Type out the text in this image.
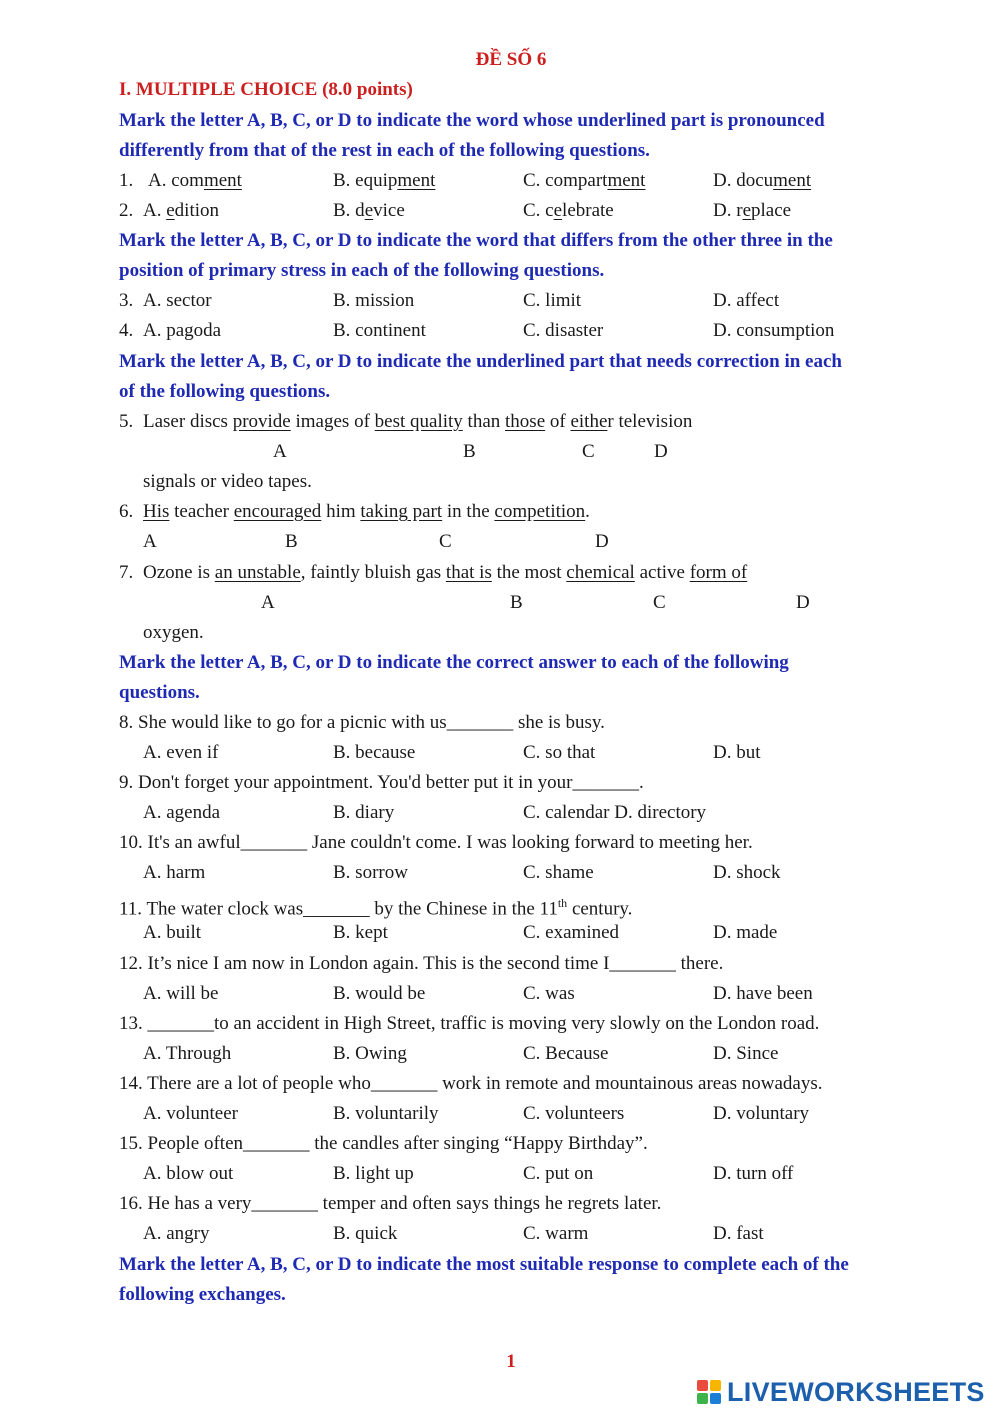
ĐỀ SỐ 6
I. MULTIPLE CHOICE (8.0 points)
Mark the letter A, B, C, or D to indicate the word whose underlined part is pronounced
differently from that of the rest in each of the following questions.
1. A. comment	B. equipment	C. compartment	D. document
2. A. edition	B. device	C. celebrate	D. replace
Mark the letter A, B, C, or D to indicate the word that differs from the other three in the
position of primary stress in each of the following questions.
3. A. sector	B. mission	C. limit	D. affect
4. A. pagoda	B. continent	C. disaster	D. consumption
Mark the letter A, B, C, or D to indicate the underlined part that needs correction in each
of the following questions.
5. Laser discs provide images of best quality than those of either television
A	B	C	D
signals or video tapes.
6. His teacher encouraged him taking part in the competition.
A	B	C	D
7. Ozone is an unstable, faintly bluish gas that is the most chemical active form of
A	B	C	D
oxygen.
Mark the letter A, B, C, or D to indicate the correct answer to each of the following
questions.
8. She would like to go for a picnic with us_______ she is busy.
A. even if	B. because	C. so that	D. but
9. Don't forget your appointment. You'd better put it in your_______.
A. agenda	B. diary	C. calendar D. directory
10. It's an awful_______ Jane couldn't come. I was looking forward to meeting her.
A. harm	B. sorrow	C. shame	D. shock
11. The water clock was_______ by the Chinese in the 11th century.
A. built	B. kept	C. examined	D. made
12. It’s nice I am now in London again. This is the second time I_______ there.
A. will be	B. would be	C. was	D. have been
13. _______to an accident in High Street, traffic is moving very slowly on the London road.
A. Through	B. Owing	C. Because	D. Since
14. There are a lot of people who_______ work in remote and mountainous areas nowadays.
A. volunteer	B. voluntarily	C. volunteers	D. voluntary
15. People often_______ the candles after singing “Happy Birthday”.
A. blow out	B. light up	C. put on	D. turn off
16. He has a very_______ temper and often says things he regrets later.
A. angry	B. quick	C. warm	D. fast
Mark the letter A, B, C, or D to indicate the most suitable response to complete each of the
following exchanges.
1
LIVEWORKSHEETS
